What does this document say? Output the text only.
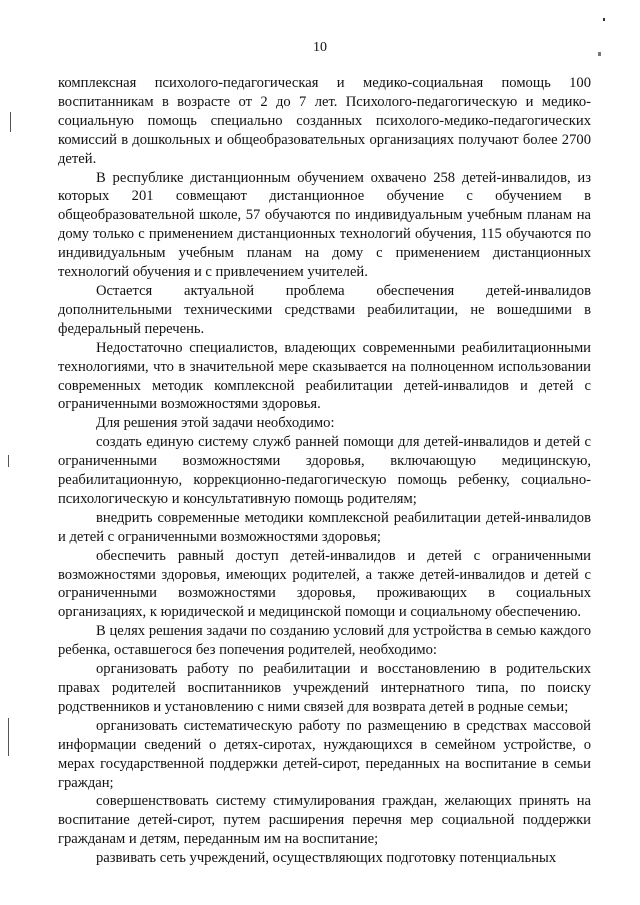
10

комплексная психолого-педагогическая и медико-социальная помощь 100 воспитанникам в возрасте от 2 до 7 лет. Психолого-педагогическую и медико-социальную помощь специально созданных психолого-медико-педагогических комиссий в дошкольных и общеобразовательных организациях получают более 2700 детей.

В республике дистанционным обучением охвачено 258 детей-инвалидов, из которых 201 совмещают дистанционное обучение с обучением в общеобразовательной школе, 57 обучаются по индивидуальным учебным планам на дому только с применением дистанционных технологий обучения, 115 обучаются по индивидуальным учебным планам на дому с применением дистанционных технологий обучения и с привлечением учителей.

Остается актуальной проблема обеспечения детей-инвалидов дополнительными техническими средствами реабилитации, не вошедшими в федеральный перечень.

Недостаточно специалистов, владеющих современными реабилитационными технологиями, что в значительной мере сказывается на полноценном использовании современных методик комплексной реабилитации детей-инвалидов и детей с ограниченными возможностями здоровья.

Для решения этой задачи необходимо:

создать единую систему служб ранней помощи для детей-инвалидов и детей с ограниченными возможностями здоровья, включающую медицинскую, реабилитационную, коррекционно-педагогическую помощь ребенку, социально-психологическую и консультативную помощь родителям;

внедрить современные методики комплексной реабилитации детей-инвалидов и детей с ограниченными возможностями здоровья;

обеспечить равный доступ детей-инвалидов и детей с ограниченными возможностями здоровья, имеющих родителей, а также детей-инвалидов и детей с ограниченными возможностями здоровья, проживающих в социальных организациях, к юридической и медицинской помощи и социальному обеспечению.

В целях решения задачи по созданию условий для устройства в семью каждого ребенка, оставшегося без попечения родителей, необходимо:

организовать работу по реабилитации и восстановлению в родительских правах родителей воспитанников учреждений интернатного типа, по поиску родственников и установлению с ними связей для возврата детей в родные семьи;

организовать систематическую работу по размещению в средствах массовой информации сведений о детях-сиротах, нуждающихся в семейном устройстве, о мерах государственной поддержки детей-сирот, переданных на воспитание в семьи граждан;

совершенствовать систему стимулирования граждан, желающих принять на воспитание детей-сирот, путем расширения перечня мер социальной поддержки гражданам и детям, переданным им на воспитание;

развивать сеть учреждений, осуществляющих подготовку потенциальных
